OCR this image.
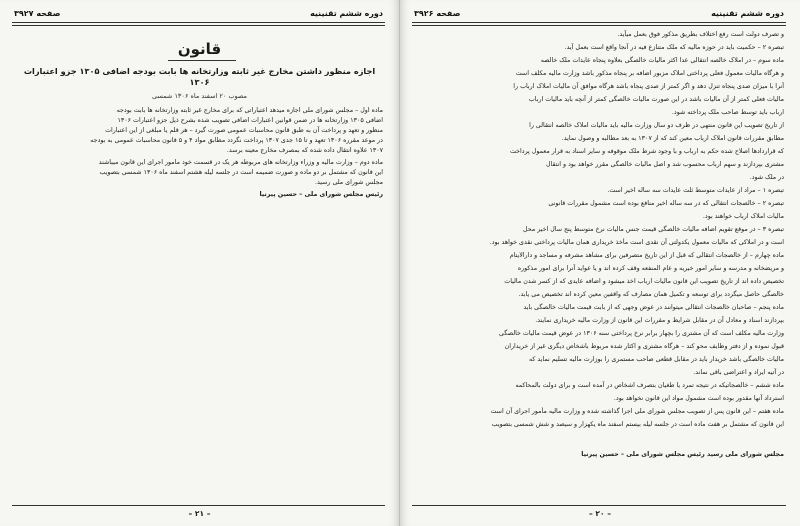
دوره ششم تقنینیه
صفحه ۳۹۲۷
قانون
اجازه منظور داشتن مخارج غیر ثابته وزارتخانه ها بابت بودجه اضافی ۱۳۰۵ جزو اعتبارات ۱۳۰۶
مصوب ۲۰ اسفند ماه ۱۳۰۶ شمسی
ماده اول – مجلس شورای ملی اجازه میدهد اعتباراتی که برای مخارج غیر ثابته وزارتخانه ها بابت بودجه
اضافی ۱۳۰۵ وزارتخانه ها در ضمن قوانین اعتبارات اضافی تصویب شده بشرح ذیل جزو اعتبارات ۱۳۰۶
منظور و تعهد و پرداخت آن به طبق قانون محاسبات عمومی صورت گیرد – هر قلم یا مبلغی از این اعتبارات
در موعد مقرره ۱۳۰۶ تعهد و تا ۱۵ جدی ۱۳۰۷ پرداخت نگردد مطابق مواد ۴ و ۵ قانون محاسبات عمومی به بودجه
۱۳۰۷ علاوه انتقال داده شده که بمصرف مخارج معینه برسد.
ماده دوم – وزارت مالیه و وزراء وزارتخانه های مربوطه هر یک در قسمت خود مامور اجرای این قانون میباشند
این قانون که مشتمل بر دو ماده و صورت ضمیمه است در جلسه لیله هشتم اسفند ماه ۱۳۰۶ شمسی بتصویب
مجلس شورای ملی رسید.
رئیس مجلس شورای ملی – حسین پیرنیا
– ۲۱ –
دوره ششم تقنینیه
صفحه ۳۹۲۶
و تصرف دولت است رفع اختلاف بطریق مذکور فوق بعمل میآید.
تبصره ۲ – حکمیت باید در حوزه مالیه که ملک متنازع فیه در آنجا واقع است بعمل آید.
ماده سوم – در املاک خالصه انتقالی عدا اکثر مالیات خالصگی بعلاوه پنجاه عایدات ملک خالصه
و هرگاه مالیات معمول فعلی پرداختی املاک مزبور اضافه بر پنجاه مذکور باشد وزارت مالیه مکلف است
آنرا با میزان صدی پنجاه تنزل دهد و اگر کمتر از صدی پنجاه باشد هرگاه موافق آن مالیات املاک ارباب را
مالیات فعلی کمتر از آن مالیات باشد در این صورت مالیات خالصگی کمتر از آنچه باید مالیات ارباب
ارباب باید توسط صاحب ملک پرداخته شود.
از تاریخ تصویب این قانون منتهی در ظرف دو سال وزارت مالیه باید مالیات املاک خالصه انتقالی را
مطابق مقررات قانون املاک ارباب معین کند که از ۱۳۰۷ به بعد مطالبه و وصول نماید.
که قراردادها اصلاح شده حکم به ارباب و با وجود شرط ملک موقوفه و سایر اسناد به قرار معمول پرداخت
مشتری بپردازند و سهم ارباب محسوب شد و اصل مالیات خالصگی مقرر خواهد بود و انتقال
در ملک شود.
تبصره ۱ – مراد از عایدات متوسط ثلث عایدات سه ساله اخیر است.
تبصره ۲ – خالصجات انتقالی که در سه ساله اخیر منافع بوده است مشمول مقررات قانونی
مالیات املاک ارباب خواهند بود.
تبصره ۳ – در موقع تقویم اضافه مالیات خالصگی قیمت جنس مالیات نرخ متوسط پنج سال اخیر محل
است و در املاکی که مالیات معمول یکدولتی آن نقدی است مأخذ خریداری همان مالیات پرداختی نقدی خواهد بود.
ماده چهارم – از خالصجات انتقالی که قبل از این تاریخ متصرفین برای مشاهد مشرفه و مساجد و دارالایتام
و مریضخانه و مدرسه و سایر امور خیریه و عام المنفعه وقف کرده اند و یا عواید آنرا برای امور مذکوره
تخصیص داده اند از تاریخ تصویب این قانون مالیات ارباب اخذ میشود و اضافه عایدی که از کسر شدن مالیات
خالصگی حاصل میگردد برای توسعه و تکمیل همان مصارف که واقفین معین کرده اند تخصیص می یابد.
ماده پنجم – صاحبان خالصجات انتقالی میتوانند در عوض وجهی که از بابت قیمت مالیات خالصگی باید
بپردازند اسناد و معادل آن در مقابل شرایط و مقررات این قانون از وزارت مالیه خریداری نمایند.
وزارت مالیه مکلف است که آن مشتری را بچهار برابر نرخ پرداختی سنه ۱۳۰۶ در عوض قیمت مالیات خالصگی
قبول نموده و از دفتر وظایف محو کند – هرگاه مشتری و اکثار شده مربوط باشخاص دیگری غیر از خریداران
مالیات خالصگی باشد خریدار باید در مقابل قطعی صاحب مستمری را بوزارت مالیه تسلیم نماید که
در آتیه ایراد و اعتراضی باقی نماند.
ماده ششم – خالصجاتیکه در نتیجه تمرد یا طغیان بتصرف اشخاص در آمده است و برای دولت بالمحاکمه
استرداد آنها مقدور بوده است مشمول مواد این قانون نخواهد بود.
ماده هفتم – این قانون پس از تصویب مجلس شورای ملی اجرا گذاشته شده و وزارت مالیه مأمور اجرای آن است
این قانون که مشتمل بر هفت ماده است در جلسه لیله بیستم اسفند ماه یکهزار و سیصد و شش شمسی بتصویب
مجلس شورای ملی رسید رئیس مجلس شورای ملی – حسین پیرنیا
– ۲۰ –
